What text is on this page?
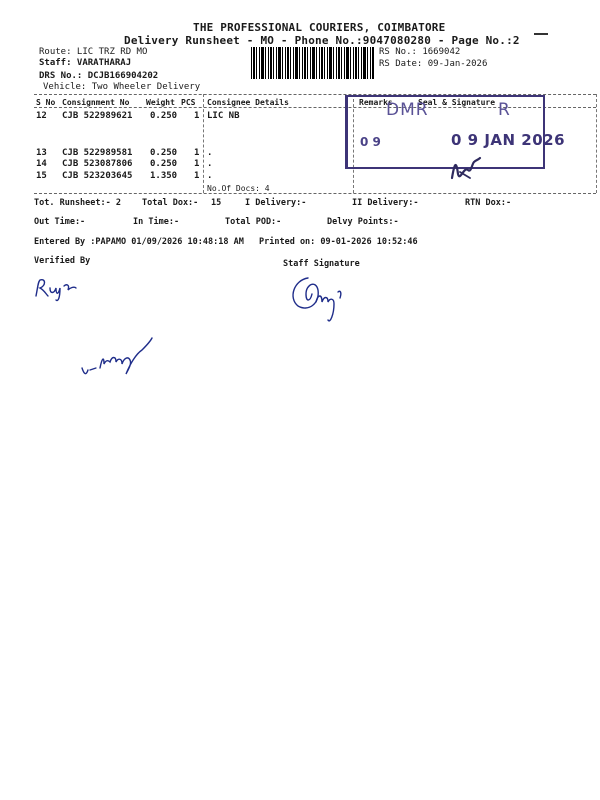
THE PROFESSIONAL COURIERS, COIMBATORE
Delivery Runsheet - MO - Phone No.:9047080280 - Page No.:2
Route: LIC TRZ RD MO
Staff: VARATHARAJ
DRS No.: DCJB166904202
Vehicle: Two Wheeler Delivery
RS No.: 1669042
RS Date: 09-Jan-2026
S No Consignment No Weight PCS Consignee Details	Remarks	Seal & Signature
12 CJB 522989621 0.250 1 LIC NB
13 CJB 522989581 0.250 1 .
14 CJB 523087806 0.250 1 .
15 CJB 523203645 1.350 1 .
No.Of Docs: 4
DMR	R
0 9	0 9 JAN 2026
Tot. Runsheet:- 2 Total Dox:- 15	I Delivery:-	II Delivery:-	RTN Dox:-
Out Time:-	In Time:-	Total POD:-	Delvy Points:-
Entered By :PAPAMO 01/09/2026 10:48:18 AM Printed on: 09-01-2026 10:52:46
Verified By	Staff Signature
